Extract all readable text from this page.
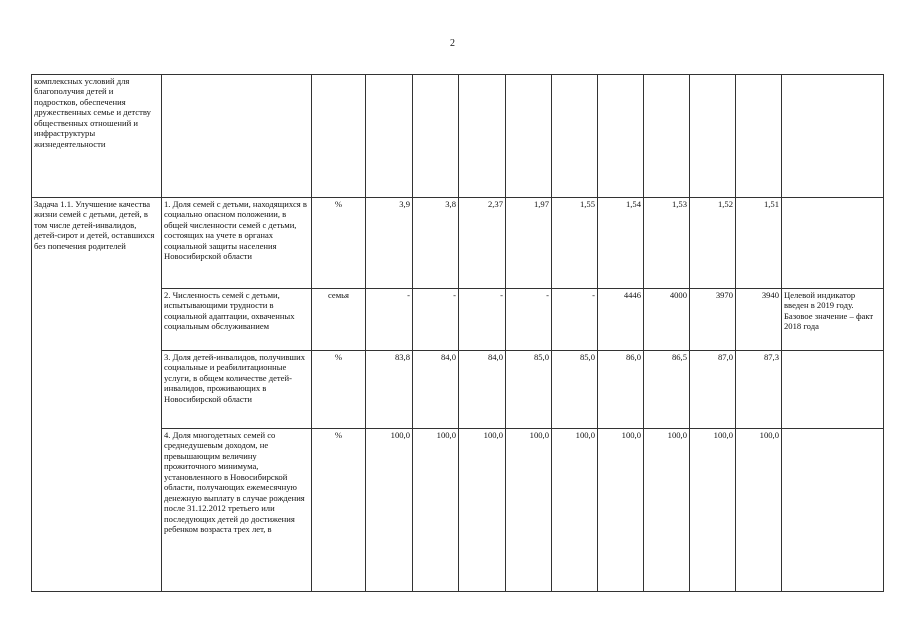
2
комплексных условий для благополучия детей и подростков, обеспечения дружественных семье и детству общественных отношений и инфраструктуры жизнедеятельности												
Задача 1.1. Улучшение качества жизни семей с детьми, детей, в том числе детей-инвалидов, детей-сирот и детей, оставшихся без попечения родителей	1. Доля семей с детьми, находящихся в социально опасном положении, в общей численности семей с детьми, состоящих на учете в органах социальной защиты населения Новосибирской области	%	3,9	3,8	2,37	1,97	1,55	1,54	1,53	1,52	1,51	
	2. Численность семей с детьми, испытывающими трудности в социальной адаптации, охваченных социальным обслуживанием	семья	-	-	-	-	-	4446	4000	3970	3940	Целевой индикатор введен в 2019 году. Базовое значение – факт 2018 года
	3. Доля детей-инвалидов, получивших социальные и реабилитационные услуги, в общем количестве детей-инвалидов, проживающих в Новосибирской области	%	83,8	84,0	84,0	85,0	85,0	86,0	86,5	87,0	87,3	
	4. Доля многодетных семей со среднедушевым доходом, не превышающим величину прожиточного минимума, установленного в Новосибирской области, получающих ежемесячную денежную выплату в случае рождения после 31.12.2012 третьего или последующих детей до достижения ребенком возраста трех лет, в	%	100,0	100,0	100,0	100,0	100,0	100,0	100,0	100,0	100,0	
